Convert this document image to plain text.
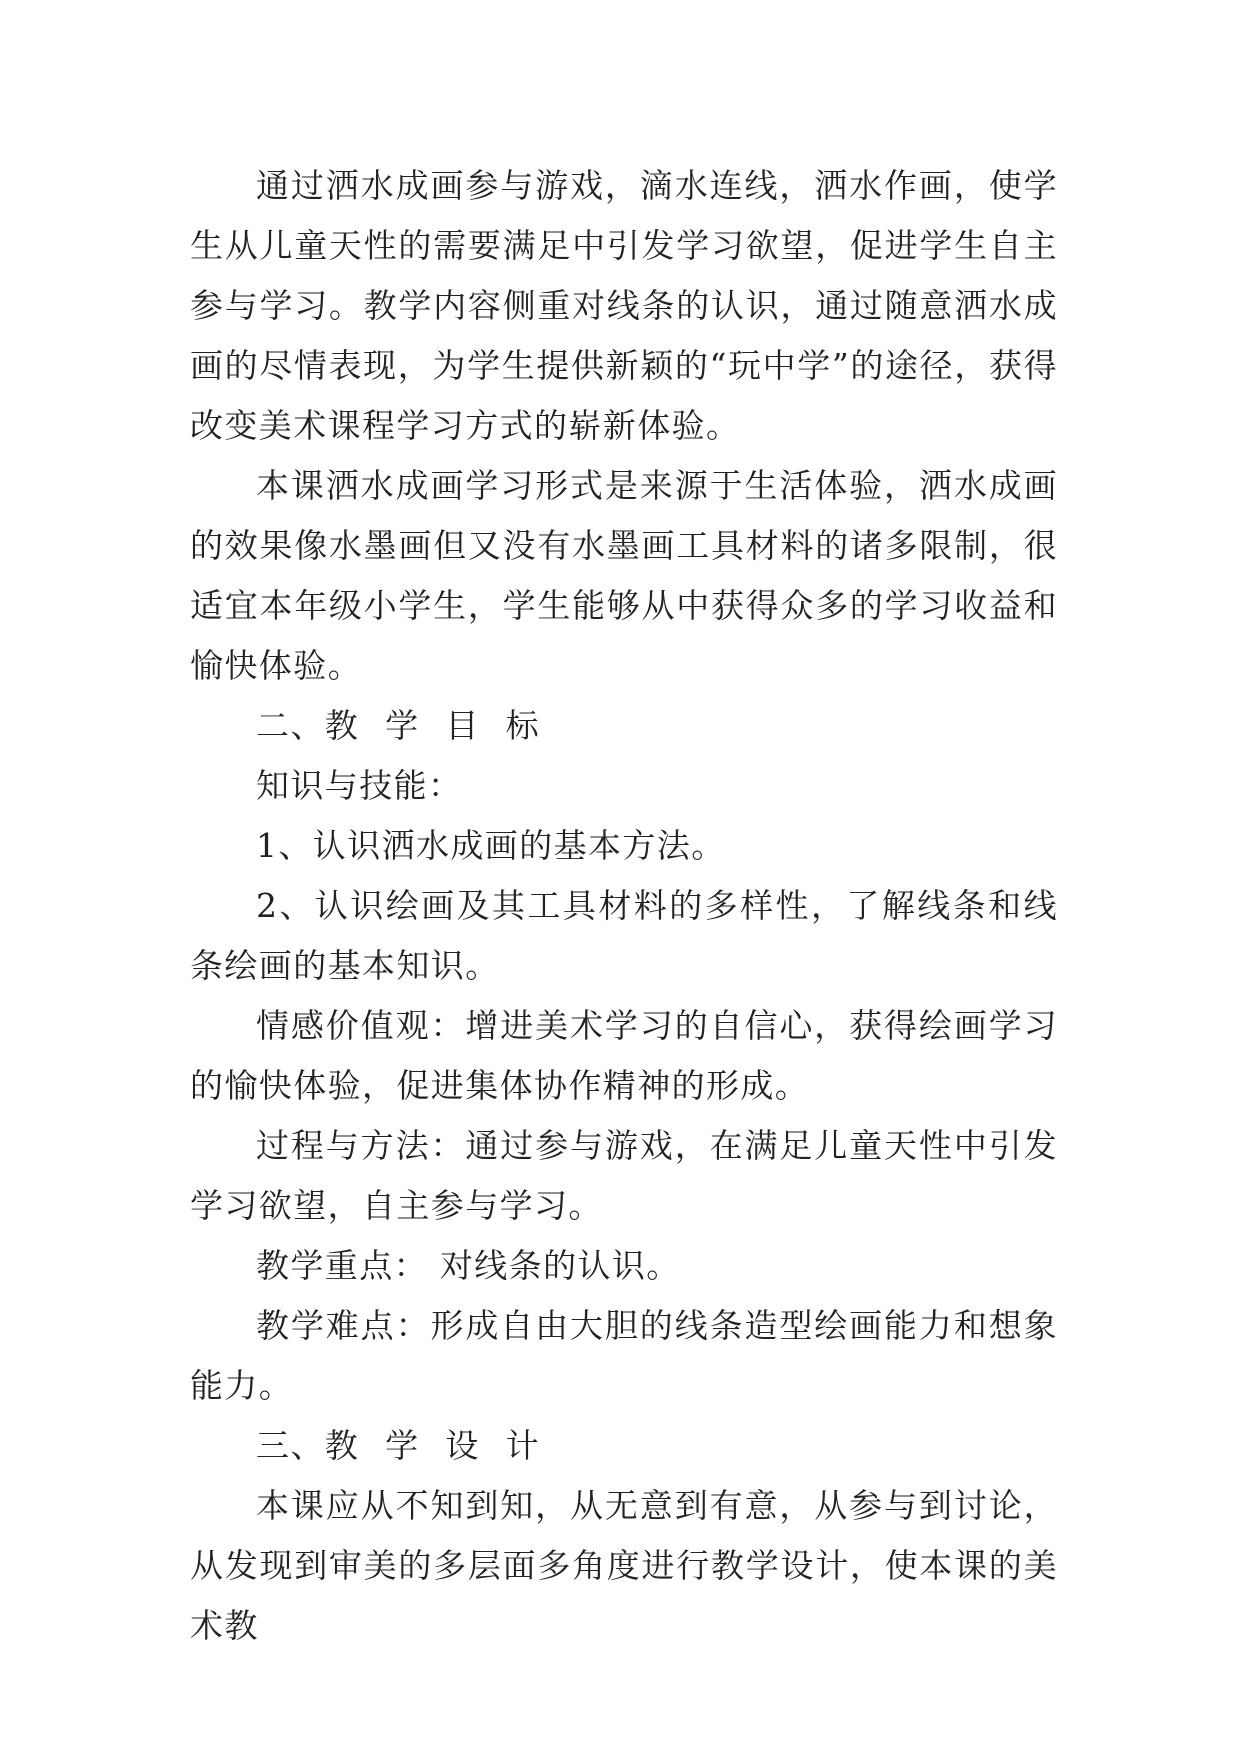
通过洒水成画参与游戏，滴水连线，洒水作画，使学生从儿童天性的需要满足中引发学习欲望，促进学生自主参与学习。教学内容侧重对线条的认识，通过随意洒水成画的尽情表现，为学生提供新颖的“玩中学”的途径，获得改变美术课程学习方式的崭新体验。

本课洒水成画学习形式是来源于生活体验，洒水成画的效果像水墨画但又没有水墨画工具材料的诸多限制，很适宜本年级小学生，学生能够从中获得众多的学习收益和愉快体验。

二、教 学 目 标

知识与技能：

1、认识洒水成画的基本方法。

2、认识绘画及其工具材料的多样性，了解线条和线条绘画的基本知识。

情感价值观：增进美术学习的自信心，获得绘画学习的愉快体验，促进集体协作精神的形成。

过程与方法：通过参与游戏，在满足儿童天性中引发学习欲望，自主参与学习。

教学重点： 对线条的认识。

教学难点：形成自由大胆的线条造型绘画能力和想象能力。

三、教 学 设 计

本课应从不知到知，从无意到有意，从参与到讨论，从发现到审美的多层面多角度进行教学设计，使本课的美术教
